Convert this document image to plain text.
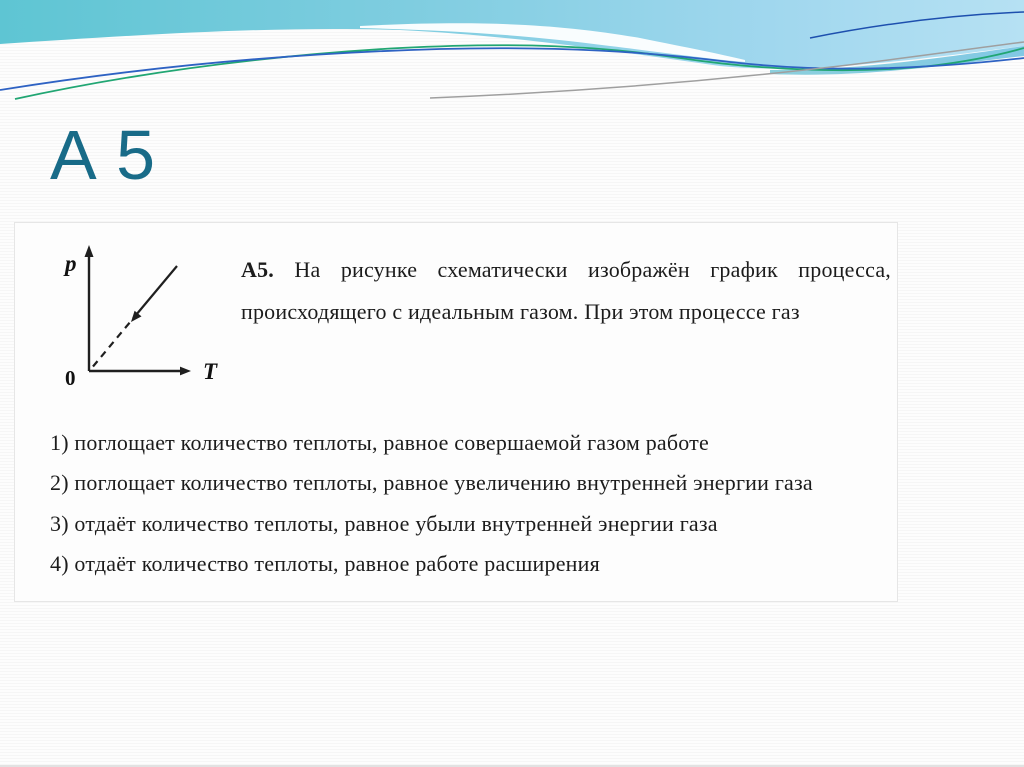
А 5
p
T
0
А5. На рисунке схематически изображён график процесса,
происходящего с идеальным газом. При этом процессе газ
1) поглощает количество теплоты, равное совершаемой газом работе
2) поглощает количество теплоты, равное увеличению внутренней энергии газа
3) отдаёт количество теплоты, равное убыли внутренней энергии газа
4) отдаёт количество теплоты, равное работе расширения
